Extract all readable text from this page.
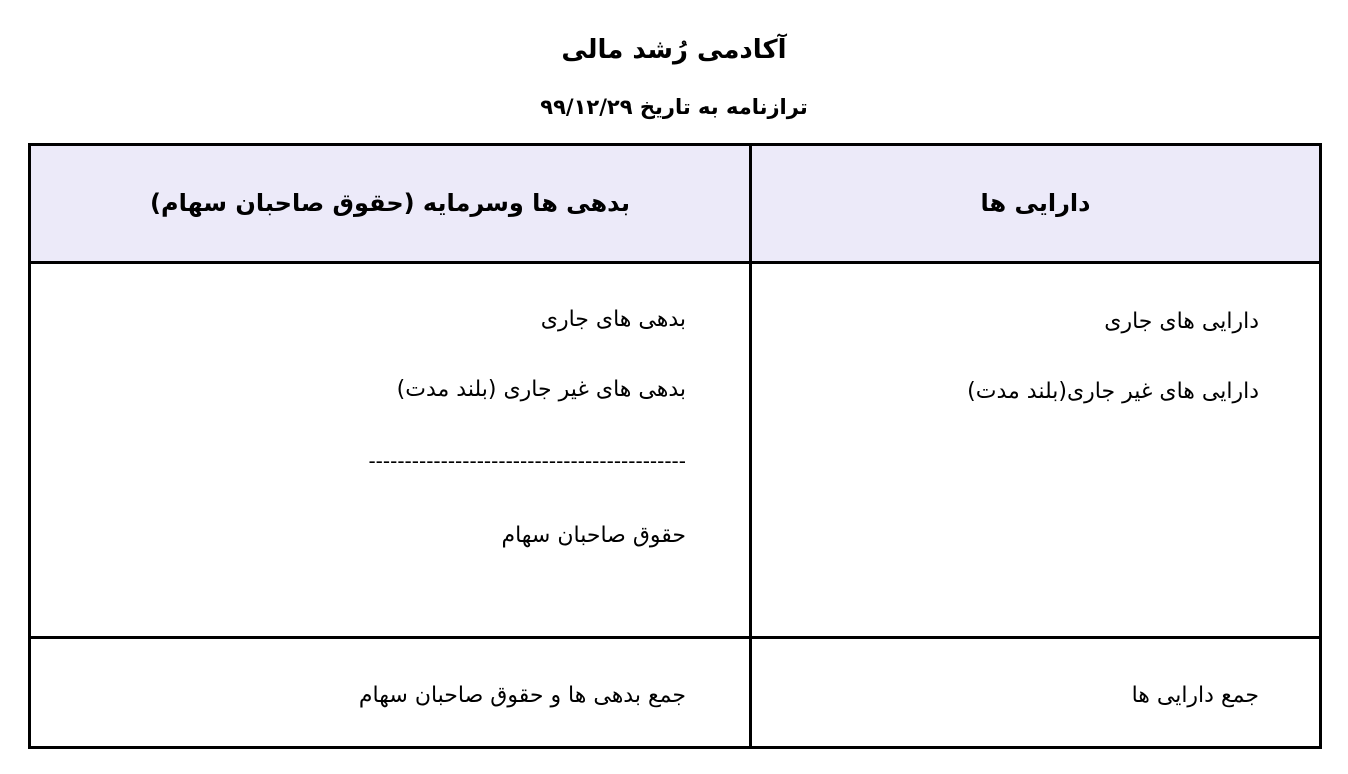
آکادمی رُشد مالی
ترازنامه به تاریخ ۹۹/۱۲/۲۹
بدهی ها وسرمایه (حقوق صاحبان سهام)	دارایی ها
بدهی های جاری
بدهی های غیر جاری (بلند مدت)
--------------------------------------------
حقوق صاحبان سهام
دارایی های جاری
دارایی های غیر جاری(بلند مدت)
جمع بدهی ها و حقوق صاحبان سهام	جمع دارایی ها
